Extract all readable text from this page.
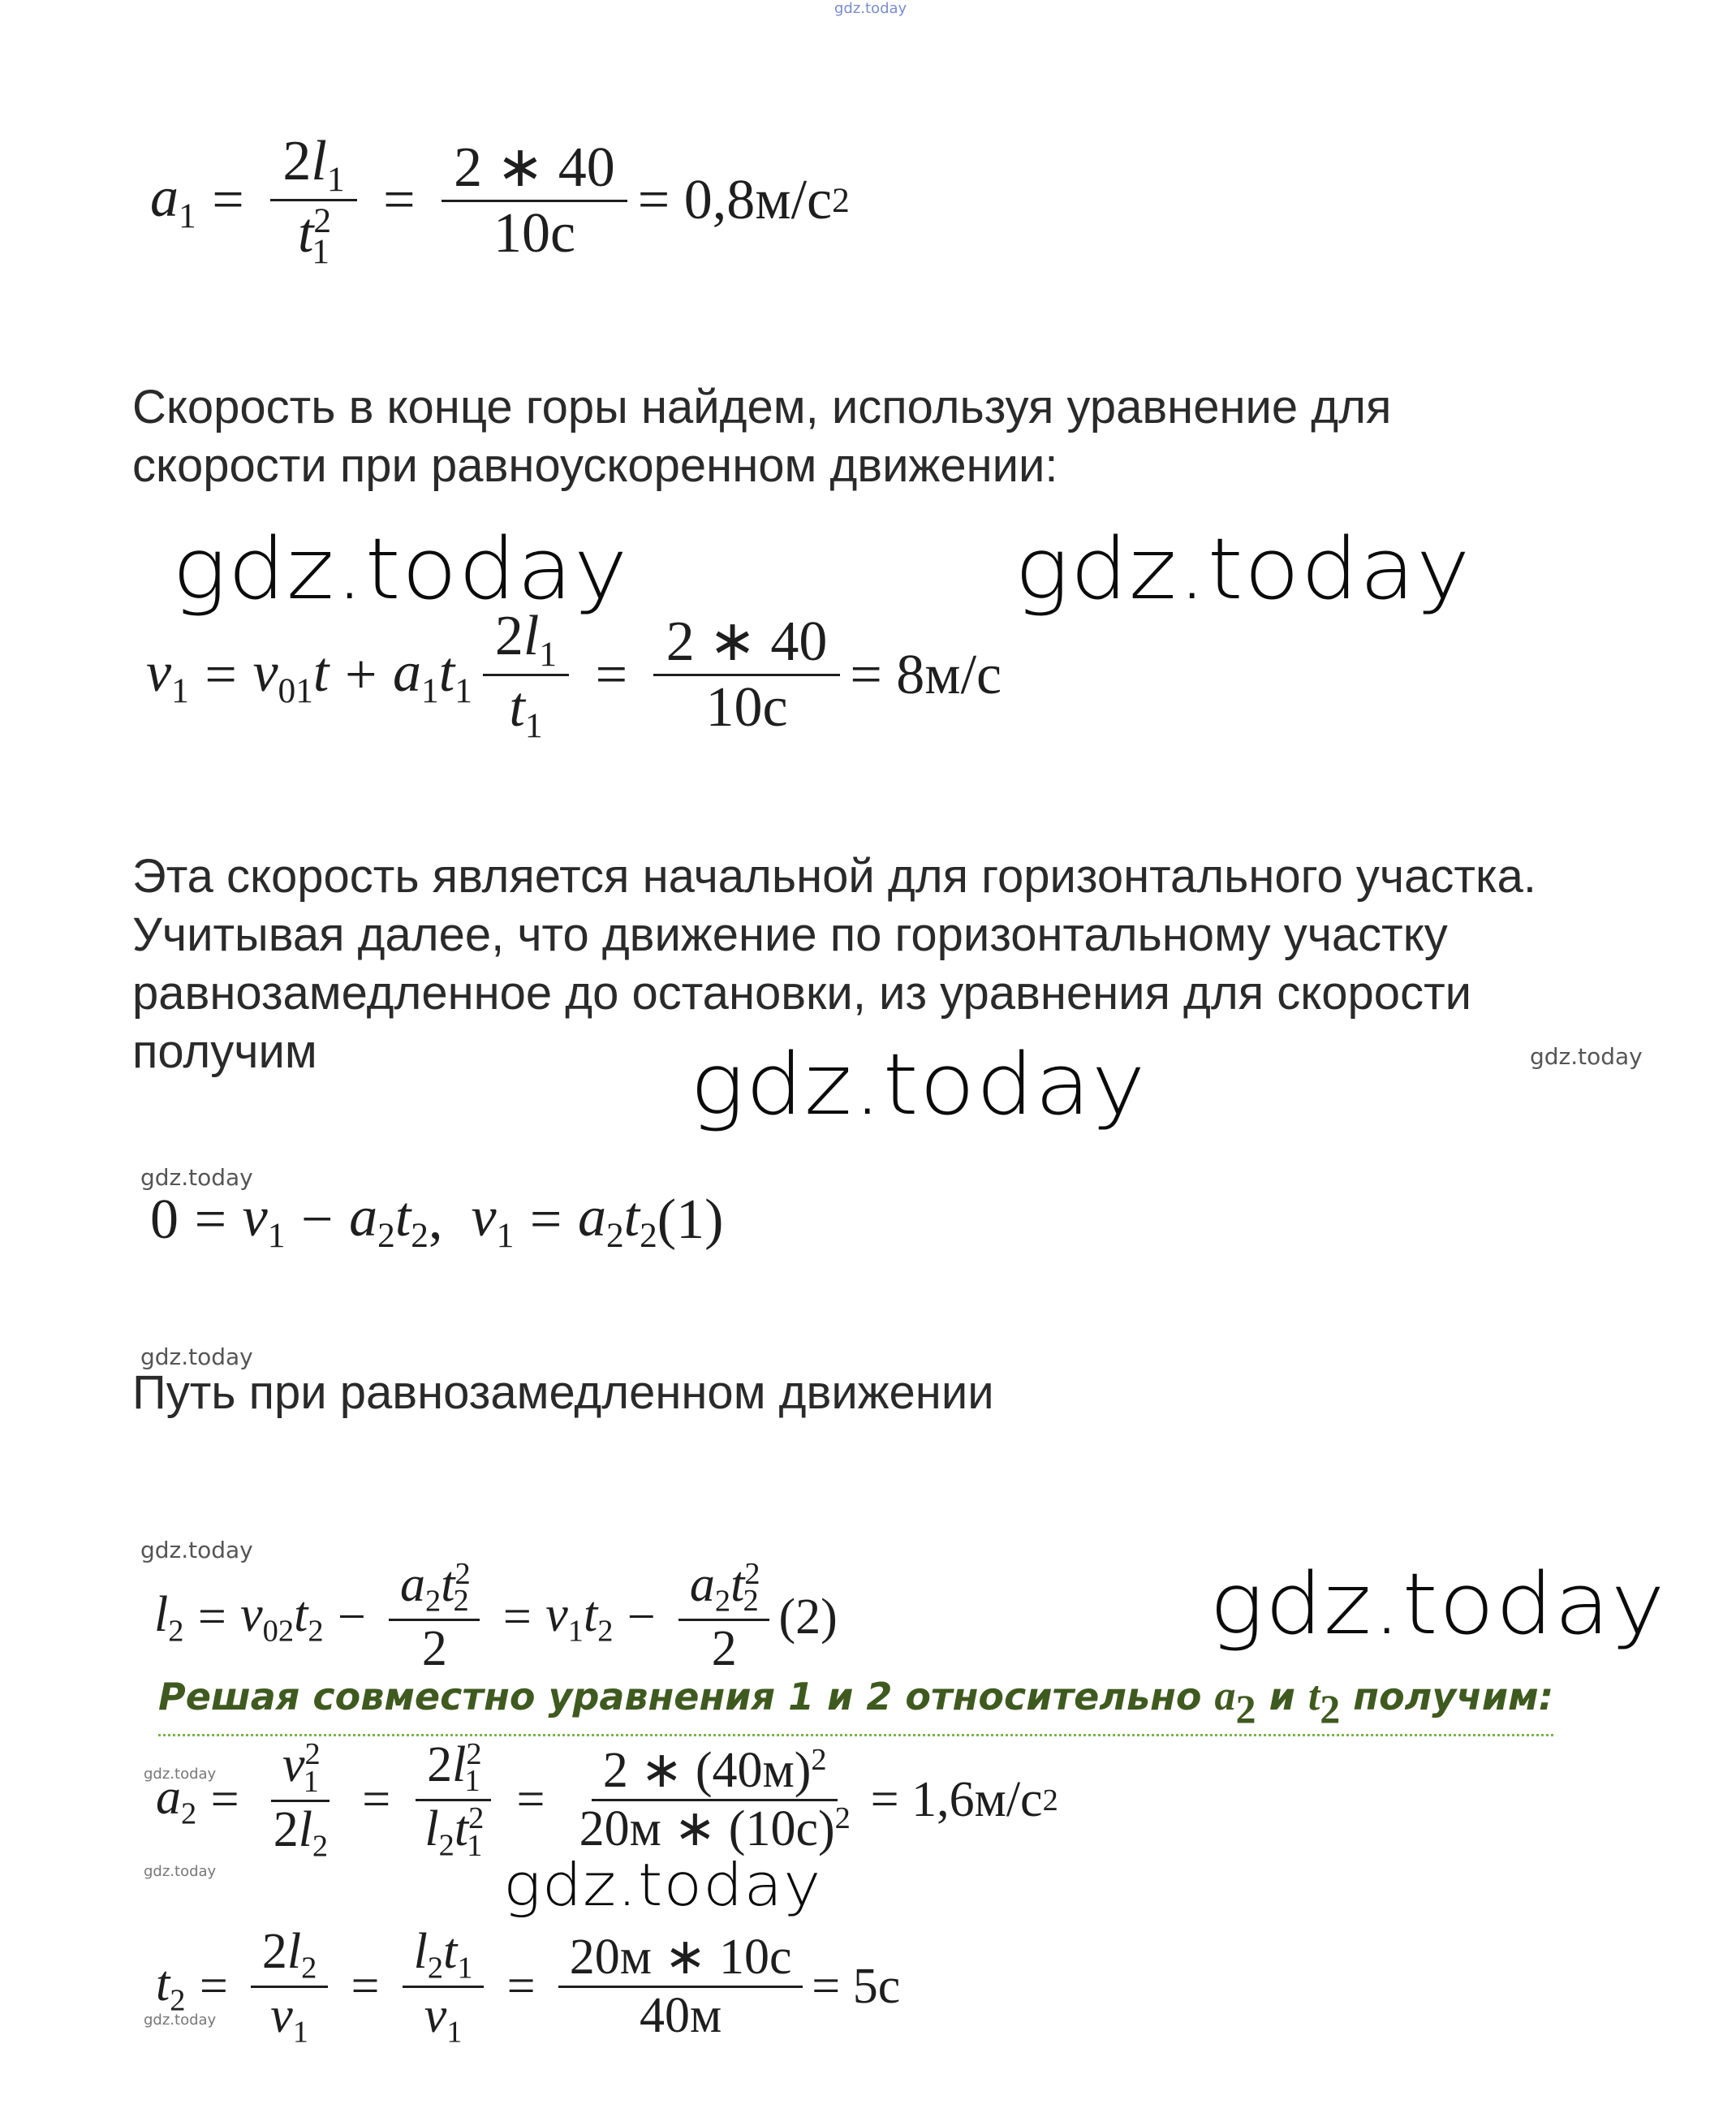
gdz.today
$a_1 = \frac{2l_1}{t^2_1} = \frac{2 ∗ 40}{10c} = 0,8м/c$ 2
Скорость в конце горы найдем, используя уравнение для
скорости при равноускоренном движении:
gdz.today	gdz.today
$v_1 = v_{01}t + a_1t_1 \frac{2l_1}{t_1} = \frac{2 ∗ 40}{10c} = 8м/c$
Эта скорость является начальной для горизонтального участка.
Учитывая далее, что движение по горизонтальному участку
равнозамедленное до остановки, из уравнения для скорости
получим	gdz.today
gdz.today
gdz.today
$0 = v_1 - a_2t_2$ , $v_1 = a_2t_2$ (1)
gdz.today
Путь при равнозамедленном движении
gdz.today
$l_2 = v_{02}t_2 - \frac{a_2t^2_2}{2} = v_1t_2 - \frac{a_2t^2_2}{2} (2)$	gdz.today
Решая совместно уравнения 1 и 2 относительно $a_2$ и $t_2$ получим:
gdz.today
$a_2 = \frac{v^2_1}{2l_2} = \frac{2l^2_1}{l_2t^2_1} = \frac{2 ∗ (40м)^2}{20м ∗ (10c)^2} = 1,6м/c$ 2
gdz.today	gdz.today
$t_2 = \frac{2l_2}{v_1} = \frac{l_2t_1}{v_1} = \frac{20м ∗ 10c}{40м} = 5c$
gdz.today
